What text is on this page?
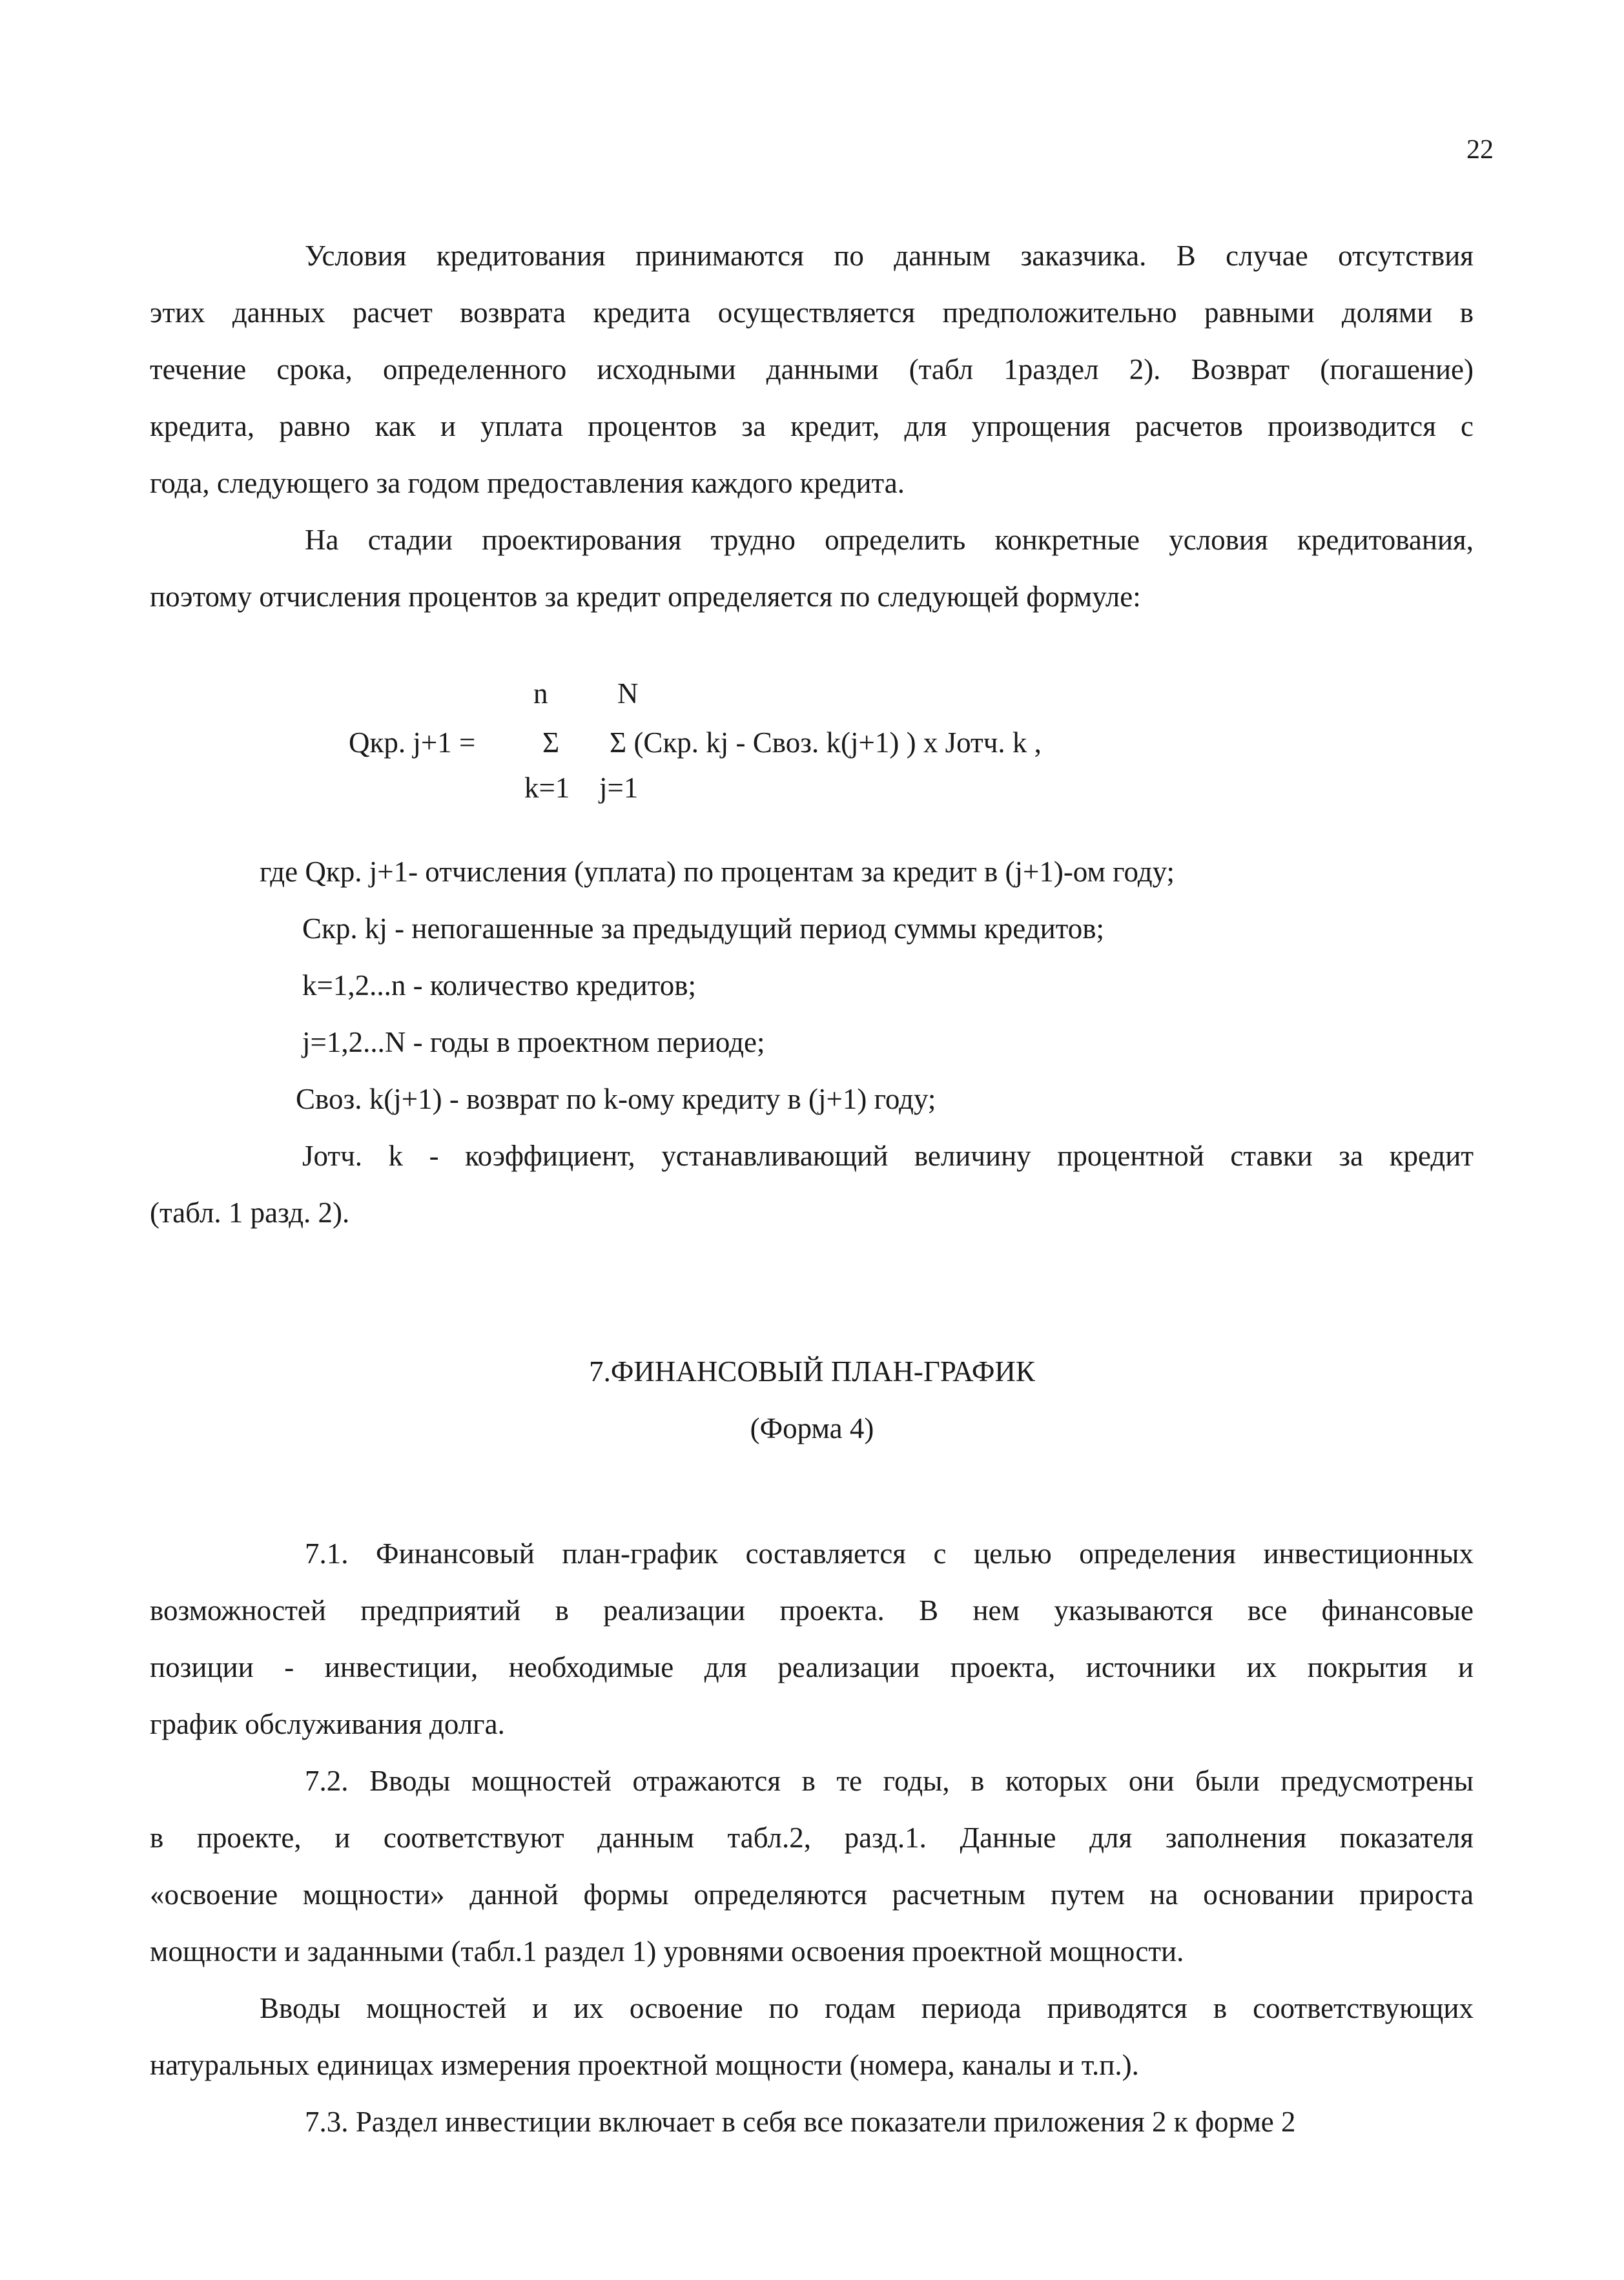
22
Условия кредитования принимаются по данным заказчика. В случае отсутствия
этих данных расчет возврата кредита осуществляется предположительно равными долями в
течение срока, определенного исходными данными (табл 1раздел 2). Возврат (погашение)
кредита, равно как и уплата процентов за кредит, для упрощения расчетов производится с
года, следующего за годом предоставления каждого кредита.
На стадии проектирования трудно определить конкретные условия кредитования,
поэтому отчисления процентов за кредит определяется по следующей формуле:
n N
Qкр. j+1 = Σ Σ (Скр. kj - Своз. k(j+1) ) x Jотч. k ,
k=1 j=1
где Qкр. j+1- отчисления (уплата) по процентам за кредит в (j+1)-ом году;
Скр. kj - непогашенные за предыдущий период суммы кредитов;
k=1,2...n - количество кредитов;
j=1,2...N - годы в проектном периоде;
Своз. k(j+1) - возврат по k-ому кредиту в (j+1) году;
Jотч. k - коэффициент, устанавливающий величину процентной ставки за кредит
(табл. 1 разд. 2).
7.ФИНАНСОВЫЙ ПЛАН-ГРАФИК
(Форма 4)
7.1. Финансовый план-график составляется с целью определения инвестиционных
возможностей предприятий в реализации проекта. В нем указываются все финансовые
позиции - инвестиции, необходимые для реализации проекта, источники их покрытия и
график обслуживания долга.
7.2. Вводы мощностей отражаются в те годы, в которых они были предусмотрены
в проекте, и соответствуют данным табл.2, разд.1. Данные для заполнения показателя
«освоение мощности» данной формы определяются расчетным путем на основании прироста
мощности и заданными (табл.1 раздел 1) уровнями освоения проектной мощности.
Вводы мощностей и их освоение по годам периода приводятся в соответствующих
натуральных единицах измерения проектной мощности (номера, каналы и т.п.).
7.3. Раздел инвестиции включает в себя все показатели приложения 2 к форме 2
